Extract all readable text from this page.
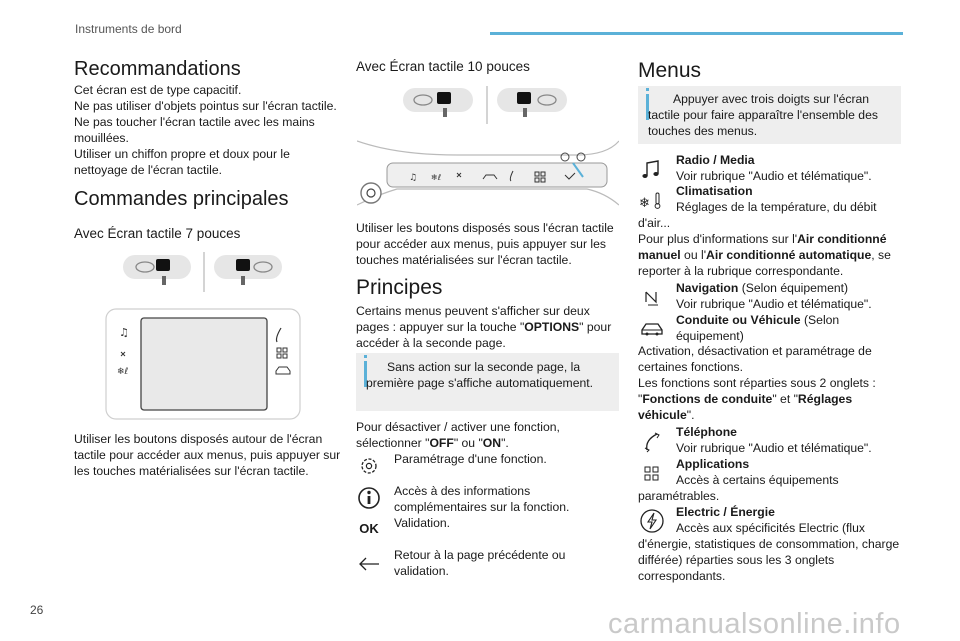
Instruments de bord
Recommandations

Cet écran est de type capacitif.

Ne pas utiliser d'objets pointus sur l'écran tactile.

Ne pas toucher l'écran tactile avec les mains mouillées.

Utiliser un chiffon propre et doux pour le nettoyage de l'écran tactile.

Commandes principales
Avec Écran tactile 7 pouces
♫
❄ℓ
Utiliser les boutons disposés autour de l'écran tactile pour accéder aux menus, puis appuyer sur les touches matérialisées sur l'écran tactile.
Avec Écran tactile 10 pouces
♫ ❄ℓ
Utiliser les boutons disposés sous l'écran tactile pour accéder aux menus, puis appuyer sur les touches matérialisées sur l'écran tactile.
Principes
Certains menus peuvent s'afficher sur deux pages : appuyer sur la touche "OPTIONS" pour accéder à la seconde page.
Sans action sur la seconde page, la première page s'affiche automatiquement.
Pour désactiver / activer une fonction, sélectionner "OFF" ou "ON".
Paramétrage d'une fonction.
Accès à des informations complémentaires sur la fonction.
OK	Validation.
Retour à la page précédente ou validation.
Menus
Appuyer avec trois doigts sur l'écran tactile pour faire apparaître l'ensemble des touches des menus.
Radio / Media
Voir rubrique "Audio et télématique".
❄
Climatisation
Réglages de la température, du débit d'air...
Pour plus d'informations sur l'Air conditionné manuel ou l'Air conditionné automatique, se reporter à la rubrique correspondante.
Navigation (Selon équipement)
Voir rubrique "Audio et télématique".
Conduite ou Véhicule (Selon équipement)
Activation, désactivation et paramétrage de certaines fonctions.
Les fonctions sont réparties sous 2 onglets : "Fonctions de conduite" et "Réglages véhicule".
Téléphone
Voir rubrique "Audio et télématique".
Applications
Accès à certains équipements paramétrables.
Electric / Énergie
Accès aux spécificités Electric (flux d'énergie, statistiques de consommation, charge différée) réparties sous les 3 onglets correspondants.
26	carmanualsonline.info
